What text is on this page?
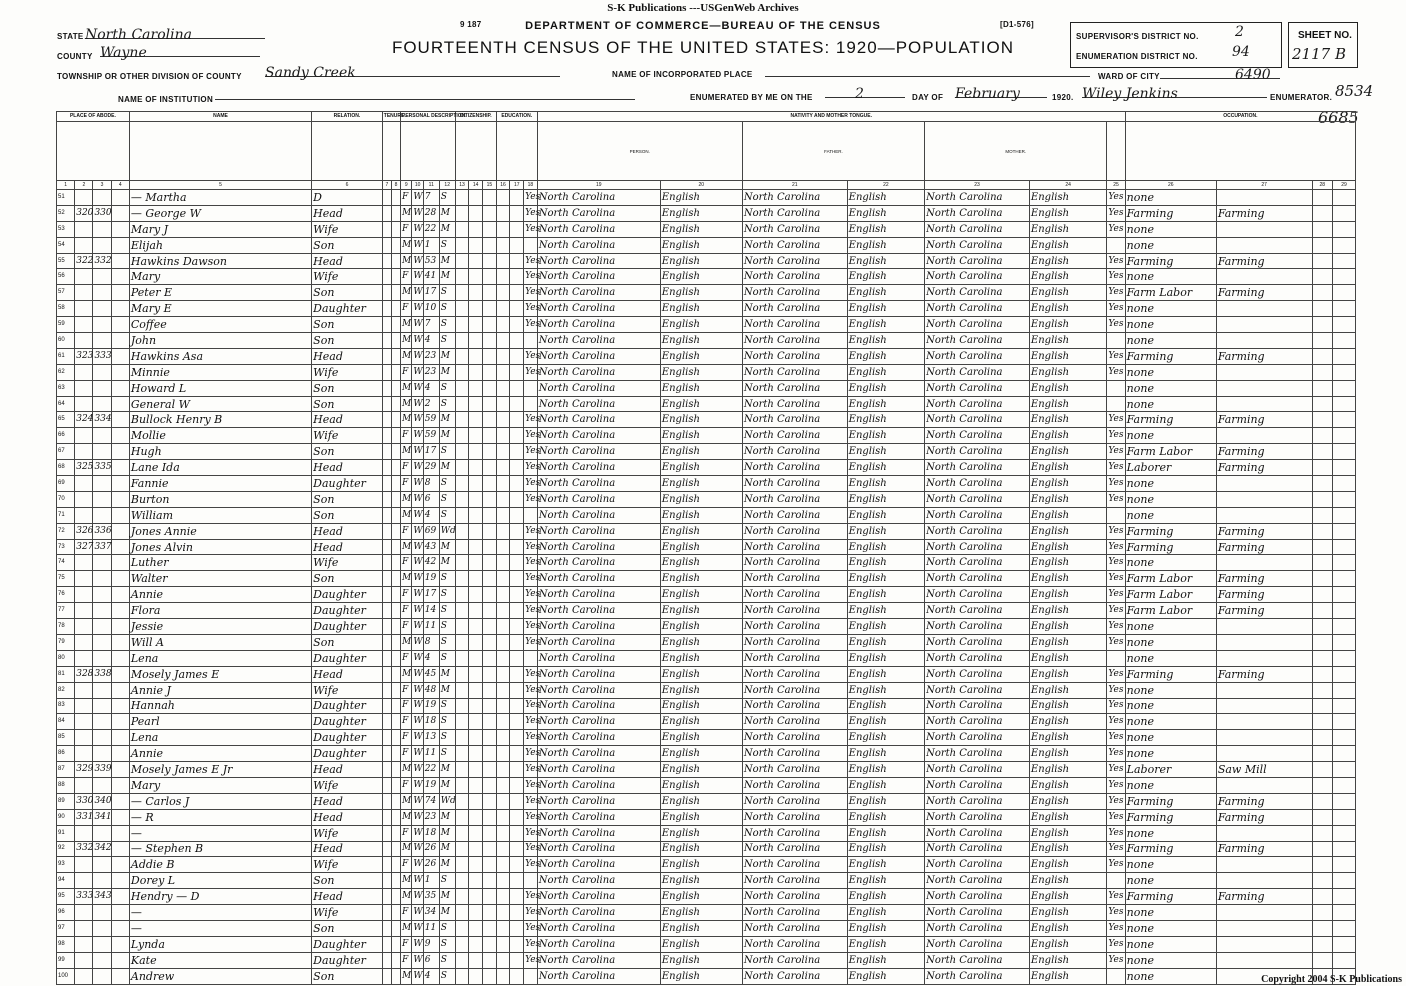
S-K Publications ---USGenWeb Archives
9 187	[D1-576]
DEPARTMENT OF COMMERCE—BUREAU OF THE CENSUS
FOURTEENTH CENSUS OF THE UNITED STATES: 1920—POPULATION
STATE North Carolina
COUNTY Wayne
TOWNSHIP OR OTHER DIVISION OF COUNTY Sandy Creek	NAME OF INCORPORATED PLACE
NAME OF INSTITUTION	ENUMERATED BY ME ON THE	2	DAY OF February	1920. Wiley Jenkins	ENUMERATOR. 8534
SUPERVISOR'S DISTRICT NO.	2
ENUMERATION DISTRICT NO. 94
SHEET NO.
2117 B
WARD OF CITY	6490
6685
PLACE OF ABODE.				NAME	RELATION.	TENURE.		PERSONAL DESCRIPTION.				CITIZENSHIP.			EDUCATION.			NATIVITY AND MOTHER TONGUE.							OCCUPATION.			
																		PERSON.		FATHER.		MOTHER.						
1	2	3	4	5	6	7	8	9	10	11	12	13	14	15	16	17	18	19	20	21	22	23	24	25	26	27	28	29
51				— Martha	D			F	W	7	S						Yes	North Carolina	English	North Carolina	English	North Carolina	English	Yes	none			
52	320	330		— George W	Head			M	W	28	M						Yes	North Carolina	English	North Carolina	English	North Carolina	English	Yes	Farming	Farming		
53				Mary J	Wife			F	W	22	M						Yes	North Carolina	English	North Carolina	English	North Carolina	English	Yes	none			
54				Elijah	Son			M	W	1	S							North Carolina	English	North Carolina	English	North Carolina	English		none			
55	322	332		Hawkins Dawson	Head			M	W	53	M						Yes	North Carolina	English	North Carolina	English	North Carolina	English	Yes	Farming	Farming		
56				Mary	Wife			F	W	41	M						Yes	North Carolina	English	North Carolina	English	North Carolina	English	Yes	none			
57				Peter E	Son			M	W	17	S						Yes	North Carolina	English	North Carolina	English	North Carolina	English	Yes	Farm Labor	Farming		
58				Mary E	Daughter			F	W	10	S						Yes	North Carolina	English	North Carolina	English	North Carolina	English	Yes	none			
59				Coffee	Son			M	W	7	S						Yes	North Carolina	English	North Carolina	English	North Carolina	English	Yes	none			
60				John	Son			M	W	4	S							North Carolina	English	North Carolina	English	North Carolina	English		none			
61	323	333		Hawkins Asa	Head			M	W	23	M						Yes	North Carolina	English	North Carolina	English	North Carolina	English	Yes	Farming	Farming		
62				Minnie	Wife			F	W	23	M						Yes	North Carolina	English	North Carolina	English	North Carolina	English	Yes	none			
63				Howard L	Son			M	W	4	S							North Carolina	English	North Carolina	English	North Carolina	English		none			
64				General W	Son			M	W	2	S							North Carolina	English	North Carolina	English	North Carolina	English		none			
65	324	334		Bullock Henry B	Head			M	W	59	M						Yes	North Carolina	English	North Carolina	English	North Carolina	English	Yes	Farming	Farming		
66				Mollie	Wife			F	W	59	M						Yes	North Carolina	English	North Carolina	English	North Carolina	English	Yes	none			
67				Hugh	Son			M	W	17	S						Yes	North Carolina	English	North Carolina	English	North Carolina	English	Yes	Farm Labor	Farming		
68	325	335		Lane Ida	Head			F	W	29	M						Yes	North Carolina	English	North Carolina	English	North Carolina	English	Yes	Laborer	Farming		
69				Fannie	Daughter			F	W	8	S						Yes	North Carolina	English	North Carolina	English	North Carolina	English	Yes	none			
70				Burton	Son			M	W	6	S						Yes	North Carolina	English	North Carolina	English	North Carolina	English	Yes	none			
71				William	Son			M	W	4	S							North Carolina	English	North Carolina	English	North Carolina	English		none			
72	326	336		Jones Annie	Head			F	W	69	Wd						Yes	North Carolina	English	North Carolina	English	North Carolina	English	Yes	Farming	Farming		
73	327	337		Jones Alvin	Head			M	W	43	M						Yes	North Carolina	English	North Carolina	English	North Carolina	English	Yes	Farming	Farming		
74				Luther	Wife			F	W	42	M						Yes	North Carolina	English	North Carolina	English	North Carolina	English	Yes	none			
75				Walter	Son			M	W	19	S						Yes	North Carolina	English	North Carolina	English	North Carolina	English	Yes	Farm Labor	Farming		
76				Annie	Daughter			F	W	17	S						Yes	North Carolina	English	North Carolina	English	North Carolina	English	Yes	Farm Labor	Farming		
77				Flora	Daughter			F	W	14	S						Yes	North Carolina	English	North Carolina	English	North Carolina	English	Yes	Farm Labor	Farming		
78				Jessie	Daughter			F	W	11	S						Yes	North Carolina	English	North Carolina	English	North Carolina	English	Yes	none			
79				Will A	Son			M	W	8	S						Yes	North Carolina	English	North Carolina	English	North Carolina	English	Yes	none			
80				Lena	Daughter			F	W	4	S							North Carolina	English	North Carolina	English	North Carolina	English		none			
81	328	338		Mosely James E	Head			M	W	45	M						Yes	North Carolina	English	North Carolina	English	North Carolina	English	Yes	Farming	Farming		
82				Annie J	Wife			F	W	48	M						Yes	North Carolina	English	North Carolina	English	North Carolina	English	Yes	none			
83				Hannah	Daughter			F	W	19	S						Yes	North Carolina	English	North Carolina	English	North Carolina	English	Yes	none			
84				Pearl	Daughter			F	W	18	S						Yes	North Carolina	English	North Carolina	English	North Carolina	English	Yes	none			
85				Lena	Daughter			F	W	13	S						Yes	North Carolina	English	North Carolina	English	North Carolina	English	Yes	none			
86				Annie	Daughter			F	W	11	S						Yes	North Carolina	English	North Carolina	English	North Carolina	English	Yes	none			
87	329	339		Mosely James E Jr	Head			M	W	22	M						Yes	North Carolina	English	North Carolina	English	North Carolina	English	Yes	Laborer	Saw Mill		
88				Mary	Wife			F	W	19	M						Yes	North Carolina	English	North Carolina	English	North Carolina	English	Yes	none			
89	330	340		— Carlos J	Head			M	W	74	Wd						Yes	North Carolina	English	North Carolina	English	North Carolina	English	Yes	Farming	Farming		
90	331	341		— R	Head			M	W	23	M						Yes	North Carolina	English	North Carolina	English	North Carolina	English	Yes	Farming	Farming		
91				—	Wife			F	W	18	M						Yes	North Carolina	English	North Carolina	English	North Carolina	English	Yes	none			
92	332	342		— Stephen B	Head			M	W	26	M						Yes	North Carolina	English	North Carolina	English	North Carolina	English	Yes	Farming	Farming		
93				Addie B	Wife			F	W	26	M						Yes	North Carolina	English	North Carolina	English	North Carolina	English	Yes	none			
94				Dorey L	Son			M	W	1	S							North Carolina	English	North Carolina	English	North Carolina	English		none			
95	333	343		Hendry — D	Head			M	W	35	M						Yes	North Carolina	English	North Carolina	English	North Carolina	English	Yes	Farming	Farming		
96				—	Wife			F	W	34	M						Yes	North Carolina	English	North Carolina	English	North Carolina	English	Yes	none			
97				—	Son			M	W	11	S						Yes	North Carolina	English	North Carolina	English	North Carolina	English	Yes	none			
98				Lynda	Daughter			F	W	9	S						Yes	North Carolina	English	North Carolina	English	North Carolina	English	Yes	none			
99				Kate	Daughter			F	W	6	S						Yes	North Carolina	English	North Carolina	English	North Carolina	English	Yes	none			
100				Andrew	Son			M	W	4	S							North Carolina	English	North Carolina	English	North Carolina	English		none				Copyright 2004 S-K Publications
